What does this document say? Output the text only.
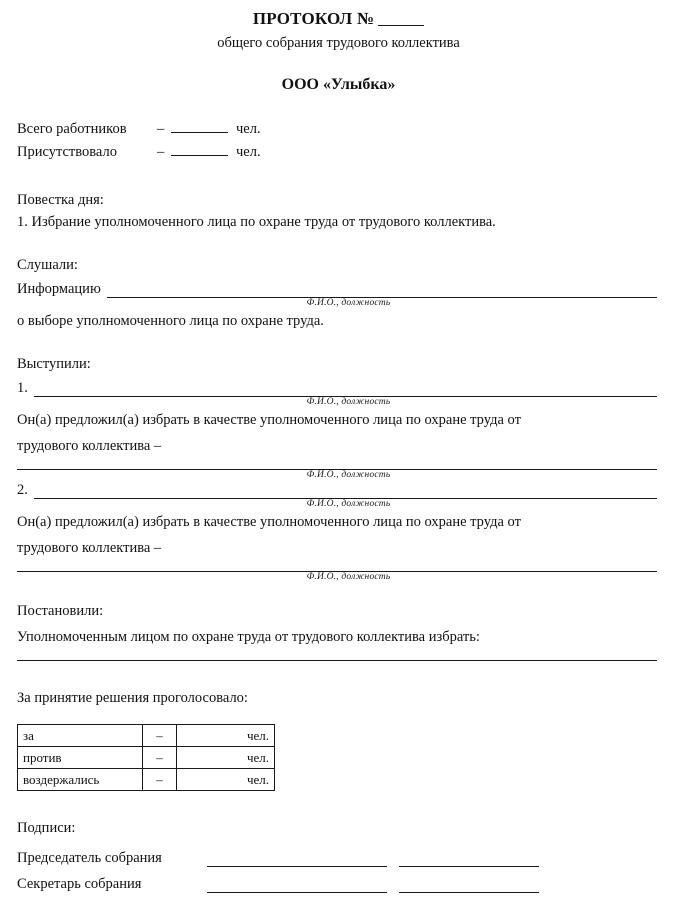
ПРОТОКОЛ №
общего собрания трудового коллектива
ООО «Улыбка»
Всего работников	–	чел.
Присутствовало	–	чел.
Повестка дня:
1. Избрание уполномоченного лица по охране труда от трудового коллектива.
Слушали:
Информацию
Ф.И.О., должность
о выборе уполномоченного лица по охране труда.
Выступили:
1.
Ф.И.О., должность
Он(а) предложил(а) избрать в качестве уполномоченного лица по охране труда от
трудового коллектива –
Ф.И.О., должность
2.
Ф.И.О., должность
Он(а) предложил(а) избрать в качестве уполномоченного лица по охране труда от
трудового коллектива –
Ф.И.О., должность
Постановили:
Уполномоченным лицом по охране труда от трудового коллектива избрать:
За принятие решения проголосовало:
за	–	чел.
против	–	чел.
воздержались	–	чел.
Подписи:
Председатель собрания
Секретарь собрания
